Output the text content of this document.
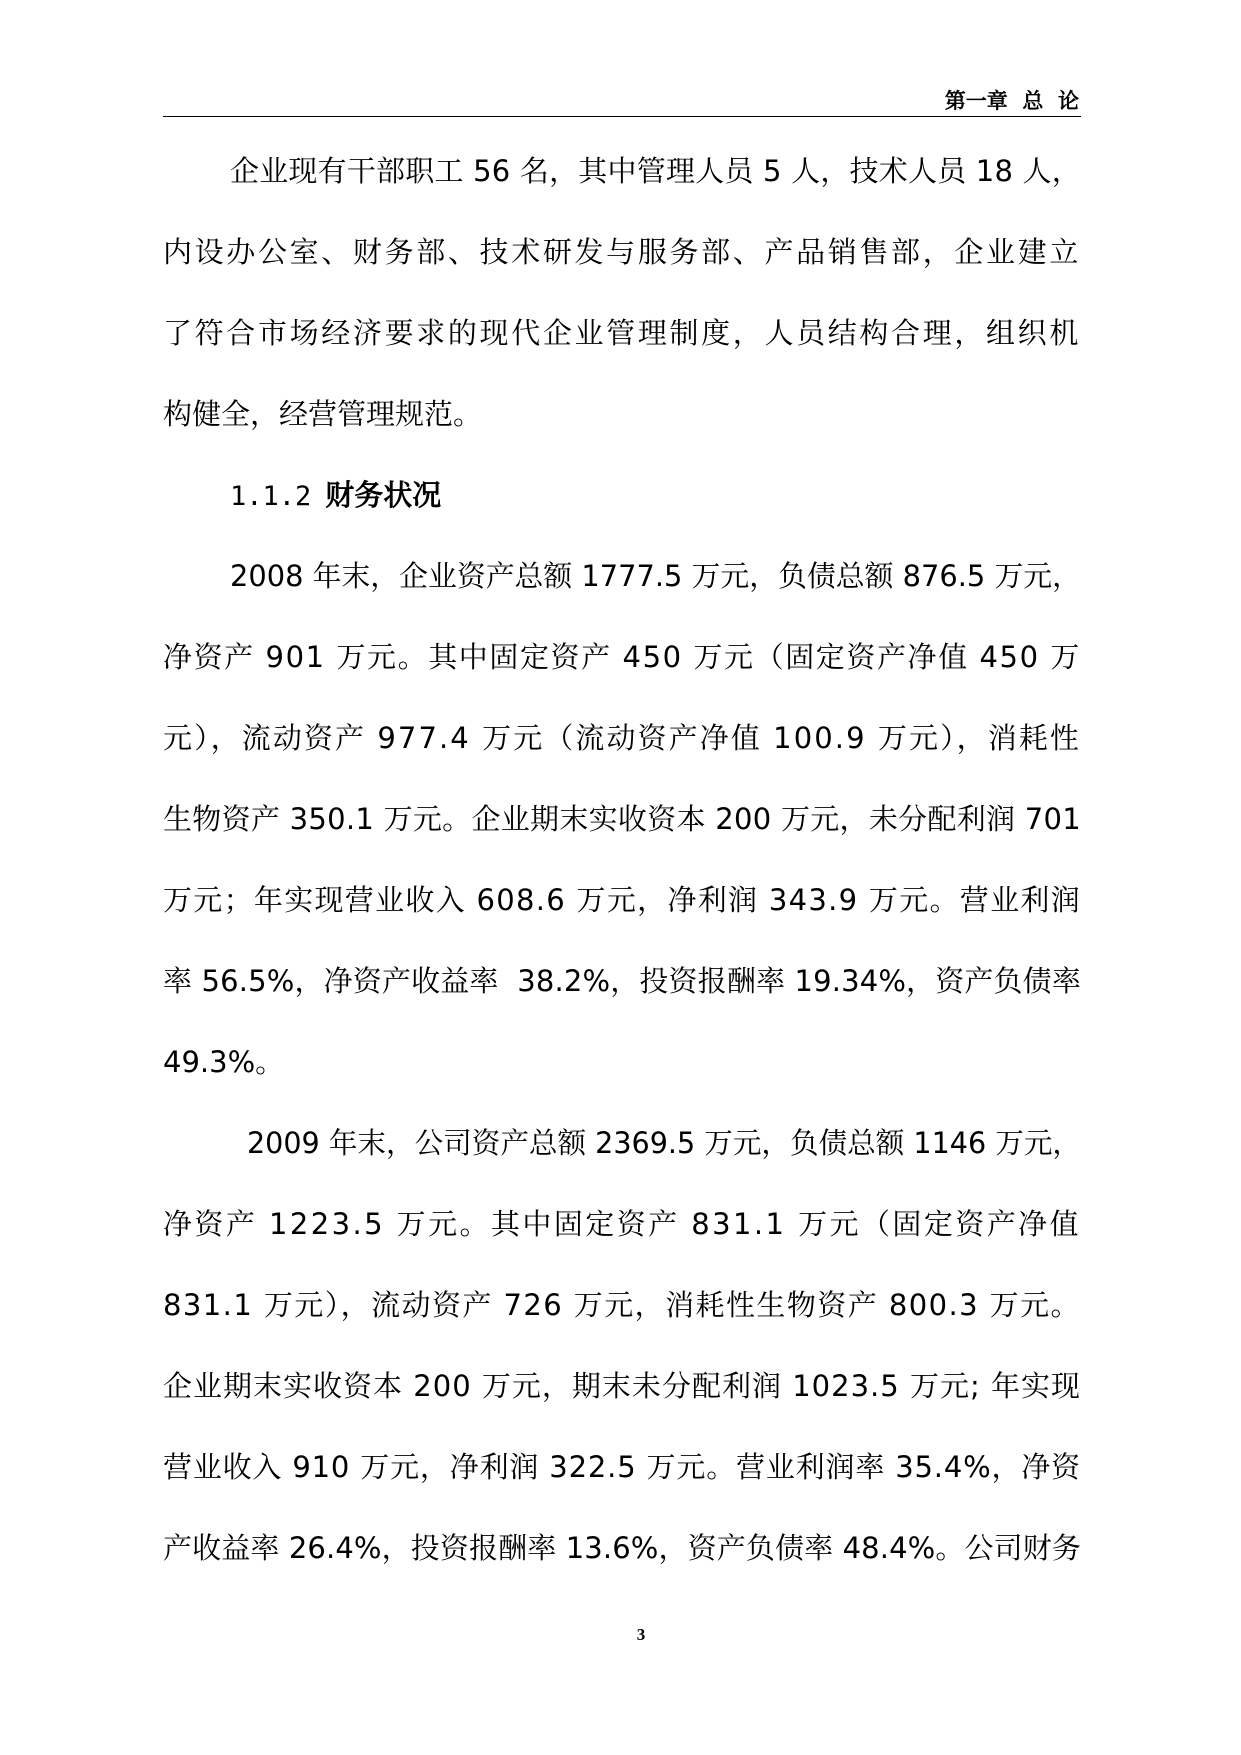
第一章  总  论
企业现有干部职工 56 名，其中管理人员 5 人，技术人员 18 人，
内设办公室、财务部、技术研发与服务部、产品销售部，企业建立
了符合市场经济要求的现代企业管理制度，人员结构合理，组织机
构健全，经营管理规范。
1.1.2 财务状况
2008 年末，企业资产总额 1777.5 万元，负债总额 876.5 万元，
净资产 901 万元。其中固定资产 450 万元（固定资产净值 450 万
元），流动资产 977.4 万元（流动资产净值 100.9 万元），消耗性
生物资产 350.1 万元。企业期末实收资本 200 万元，未分配利润 701
万元；年实现营业收入 608.6 万元，净利润 343.9 万元。营业利润
率 56.5%，净资产收益率  38.2%，投资报酬率 19.34%，资产负债率
49.3%。
2009 年末，公司资产总额 2369.5 万元，负债总额 1146 万元，
净资产 1223.5 万元。其中固定资产 831.1 万元（固定资产净值
831.1 万元），流动资产 726 万元，消耗性生物资产 800.3 万元。
企业期末实收资本 200 万元，期末未分配利润 1023.5 万元; 年实现
营业收入 910 万元，净利润 322.5 万元。营业利润率 35.4%，净资
产收益率 26.4%，投资报酬率 13.6%，资产负债率 48.4%。公司财务
3
